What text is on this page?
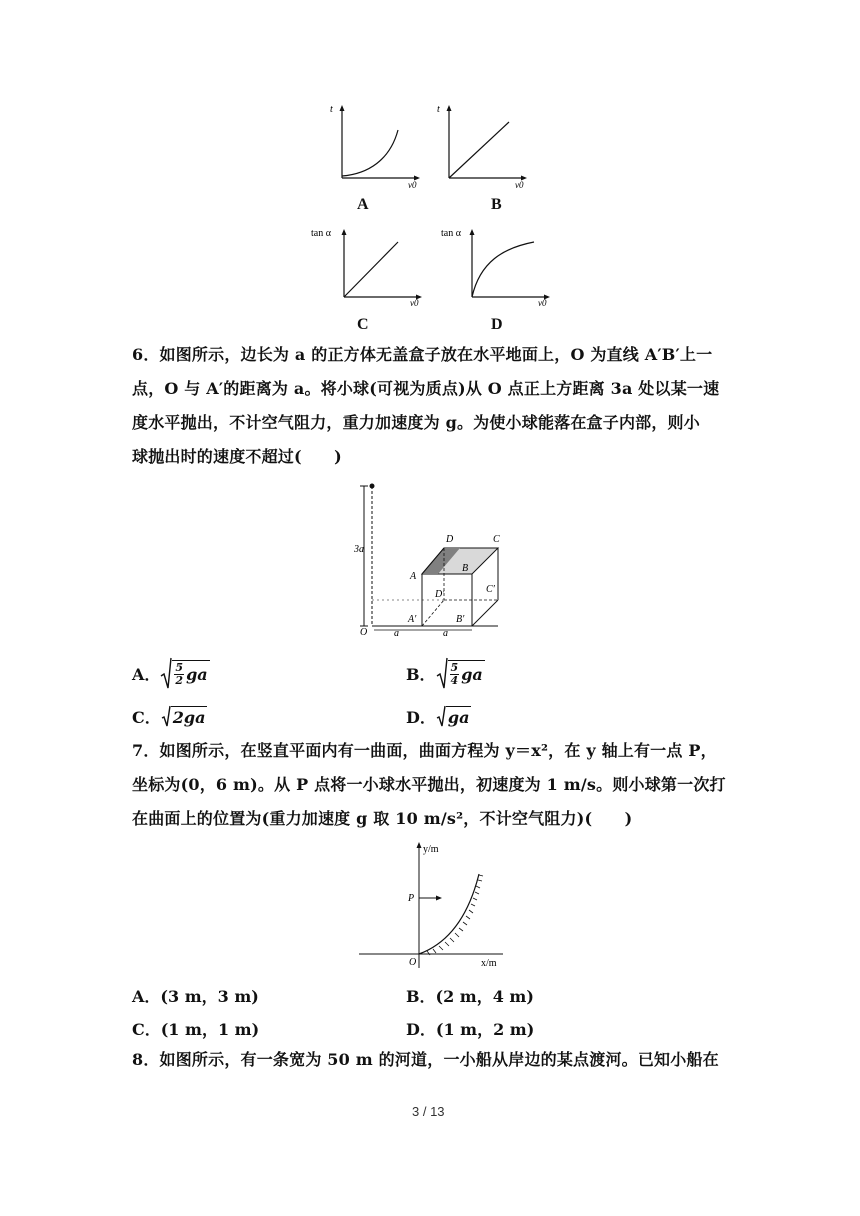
t
v0
A
t
v0
B
tan α
v0
C
tan α
v0
D
6．如图所示，边长为 a 的正方体无盖盒子放在水平地面上，O 为直线 A′B′上一
点，O 与 A′的距离为 a。将小球(可视为质点)从 O 点正上方距离 3a 处以某一速
度水平抛出，不计空气阻力，重力加速度为 g。为使小球能落在盒子内部，则小
球抛出时的速度不超过(　　)
3a
O	a	a
D	C
A
B
D′	C′
A′	B′
A． $\frac{5}{2}$ ga	B． $\frac{5}{4}$ ga
C． 2ga	D． ga
7．如图所示，在竖直平面内有一曲面，曲面方程为 y＝x²，在 y 轴上有一点 P，
坐标为(0，6 m)。从 P 点将一小球水平抛出，初速度为 1 m/s。则小球第一次打
在曲面上的位置为(重力加速度 g 取 10 m/s²，不计空气阻力)(　　)
y/m
x/m
O
P
A．(3 m，3 m)	B．(2 m，4 m)
C．(1 m，1 m)	D．(1 m，2 m)
8．如图所示，有一条宽为 50 m 的河道，一小船从岸边的某点渡河。已知小船在
3 / 13
